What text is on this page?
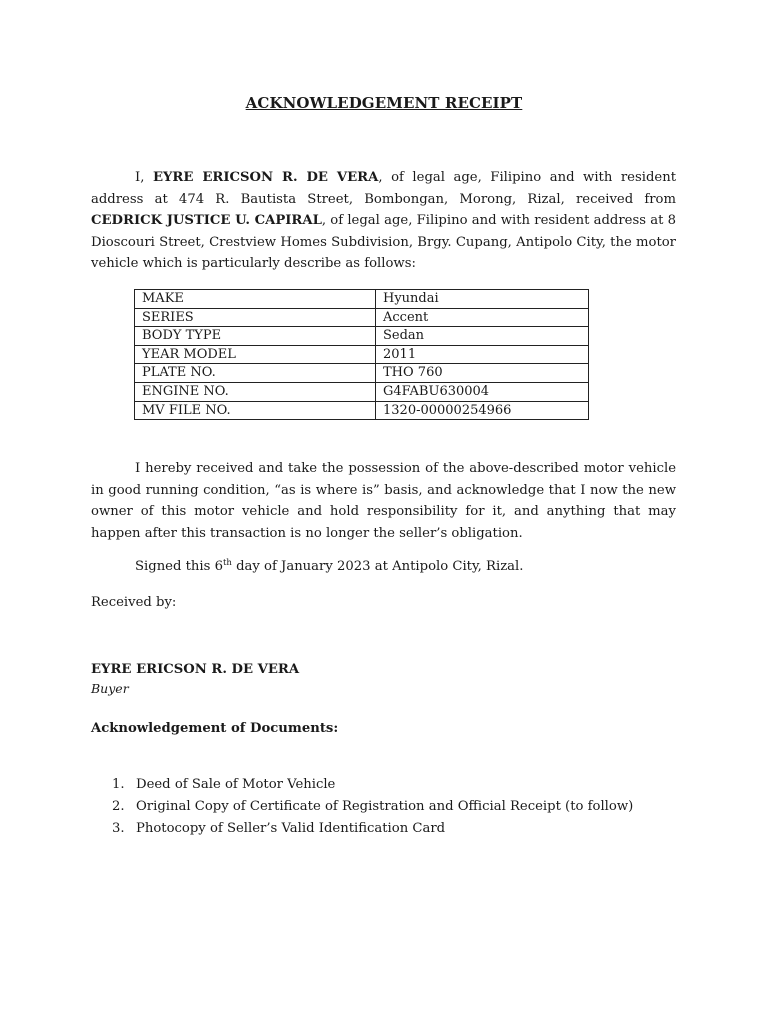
ACKNOWLEDGEMENT RECEIPT

I, EYRE ERICSON R. DE VERA, of legal age, Filipino and with resident address at 474 R. Bautista Street, Bombongan, Morong, Rizal, received from CEDRICK JUSTICE U. CAPIRAL, of legal age, Filipino and with resident address at 8 Dioscouri Street, Crestview Homes Subdivision, Brgy. Cupang, Antipolo City, the motor vehicle which is particularly describe as follows:

MAKE	Hyundai
SERIES	Accent
BODY TYPE	Sedan
YEAR MODEL	2011
PLATE NO.	THO 760
ENGINE NO.	G4FABU630004
MV FILE NO.	1320-00000254966

I hereby received and take the possession of the above-described motor vehicle in good running condition, “as is where is” basis, and acknowledge that I now the new owner of this motor vehicle and hold responsibility for it, and anything that may happen after this transaction is no longer the seller’s obligation.

Signed this 6th day of January 2023 at Antipolo City, Rizal.
Received by:
EYRE ERICSON R. DE VERA
Buyer
Acknowledgement of Documents:
1. Deed of Sale of Motor Vehicle
2. Original Copy of Certificate of Registration and Official Receipt (to follow)
3. Photocopy of Seller’s Valid Identification Card
